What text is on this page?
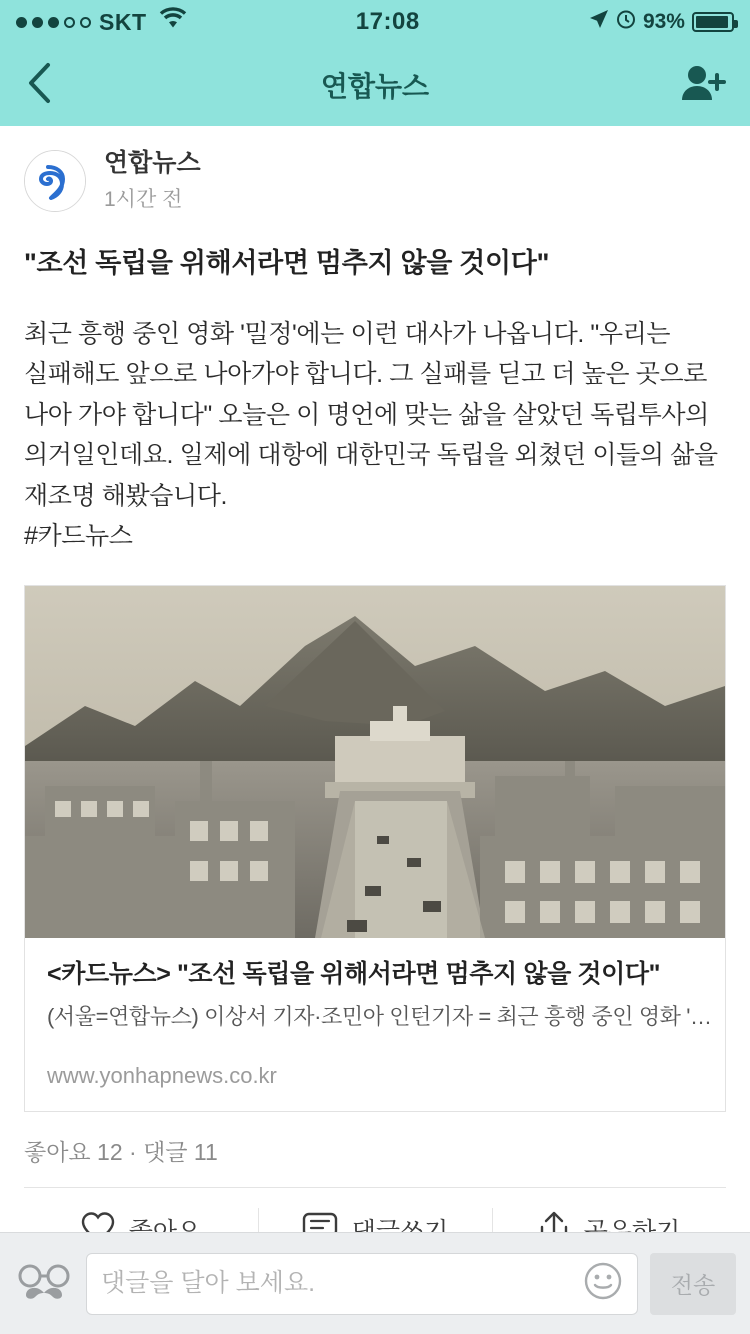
SKT	17:08	93%
연합뉴스
연합뉴스
1시간 전
"조선 독립을 위해서라면 멈추지 않을 것이다"
최근 흥행 중인 영화 '밀정'에는 이런 대사가 나옵니다. "우리는 실패해도 앞으로 나아가야 합니다. 그 실패를 딛고 더 높은 곳으로 나아 가야 합니다" 오늘은 이 명언에 맞는 삶을 살았던 독립투사의 의거일인데요. 일제에 대항에 대한민국 독립을 외쳤던 이들의 삶을 재조명 해봤습니다.
#카드뉴스
<카드뉴스> "조선 독립을 위해서라면 멈추지 않을 것이다"
(서울=연합뉴스) 이상서 기자·조민아 인턴기자 = 최근 흥행 중인 영화 '…
www.yonhapnews.co.kr
좋아요 12 · 댓글 11
댓글을 달아 보세요.
전송
